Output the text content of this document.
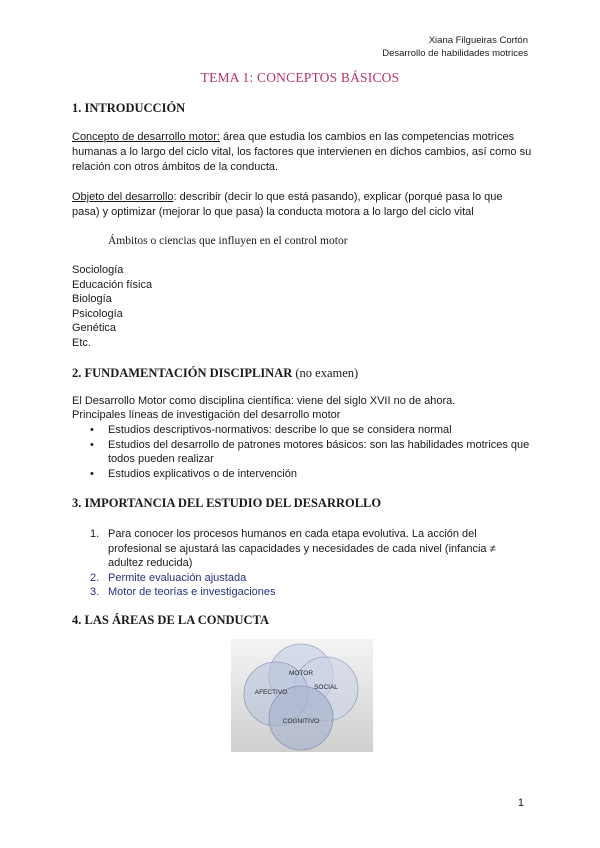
Xiana Filgueiras Cortón
Desarrollo de habilidades motrices
TEMA 1: CONCEPTOS BÁSICOS
1. INTRODUCCIÓN
Concepto de desarrollo motor: área que estudia los cambios en las competencias motrices humanas a lo largo del ciclo vital, los factores que intervienen en dichos cambios, así como su relación con otros ámbitos de la conducta.
Objeto del desarrollo: describir (decir lo que está pasando), explicar (porqué pasa lo que pasa) y optimizar (mejorar lo que pasa) la conducta motora a lo largo del ciclo vital
Ámbitos o ciencias que influyen en el control motor
Sociología
Educación física
Biología
Psicología
Genética
Etc.
2. FUNDAMENTACIÓN DISCIPLINAR (no examen)
El Desarrollo Motor como disciplina científica: viene del siglo XVII no de ahora.
Principales líneas de investigación del desarrollo motor
• Estudios descriptivos-normativos: describe lo que se considera normal
• Estudios del desarrollo de patrones motores básicos: son las habilidades motrices que todos pueden realizar
• Estudios explicativos o de intervención
3. IMPORTANCIA DEL ESTUDIO DEL DESARROLLO
1. Para conocer los procesos humanos en cada etapa evolutiva. La acción del profesional se ajustará las capacidades y necesidades de cada nivel (infancia ≠ adultez reducida)
2. Permite evaluación ajustada
3. Motor de teorías e investigaciones
4. LAS ÁREAS DE LA CONDUCTA
MOTOR
SOCIAL
AFECTIVO
COGNITIVO
1
